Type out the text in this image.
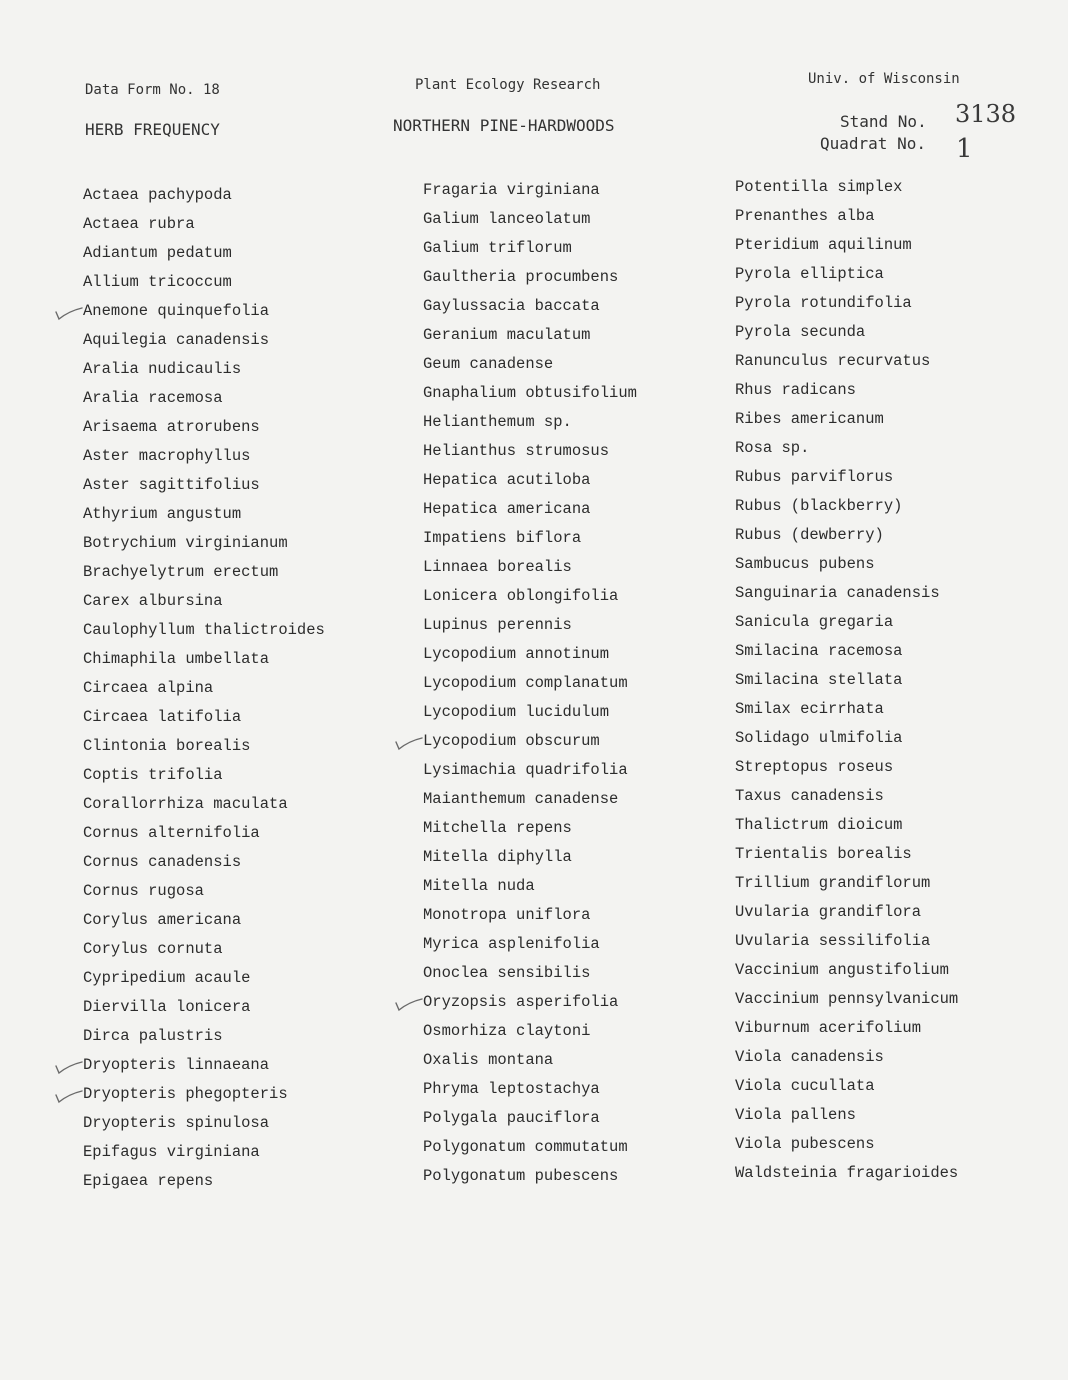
Data Form No. 18	Plant Ecology Research	Univ. of Wisconsin
HERB FREQUENCY	NORTHERN PINE-HARDWOODS	Stand No. 3138
Quadrat No. 1
Actaea pachypoda
Actaea rubra
Adiantum pedatum
Allium tricoccum
Anemone quinquefolia
Aquilegia canadensis
Aralia nudicaulis
Aralia racemosa
Arisaema atrorubens
Aster macrophyllus
Aster sagittifolius
Athyrium angustum
Botrychium virginianum
Brachyelytrum erectum
Carex albursina
Caulophyllum thalictroides
Chimaphila umbellata
Circaea alpina
Circaea latifolia
Clintonia borealis
Coptis trifolia
Corallorrhiza maculata
Cornus alternifolia
Cornus canadensis
Cornus rugosa
Corylus americana
Corylus cornuta
Cypripedium acaule
Diervilla lonicera
Dirca palustris
Dryopteris linnaeana
Dryopteris phegopteris
Dryopteris spinulosa
Epifagus virginiana
Epigaea repens
Fragaria virginiana
Galium lanceolatum
Galium triflorum
Gaultheria procumbens
Gaylussacia baccata
Geranium maculatum
Geum canadense
Gnaphalium obtusifolium
Helianthemum sp.
Helianthus strumosus
Hepatica acutiloba
Hepatica americana
Impatiens biflora
Linnaea borealis
Lonicera oblongifolia
Lupinus perennis
Lycopodium annotinum
Lycopodium complanatum
Lycopodium lucidulum
Lycopodium obscurum
Lysimachia quadrifolia
Maianthemum canadense
Mitchella repens
Mitella diphylla
Mitella nuda
Monotropa uniflora
Myrica asplenifolia
Onoclea sensibilis
Oryzopsis asperifolia
Osmorhiza claytoni
Oxalis montana
Phryma leptostachya
Polygala pauciflora
Polygonatum commutatum
Polygonatum pubescens
Potentilla simplex
Prenanthes alba
Pteridium aquilinum
Pyrola elliptica
Pyrola rotundifolia
Pyrola secunda
Ranunculus recurvatus
Rhus radicans
Ribes americanum
Rosa sp.
Rubus parviflorus
Rubus (blackberry)
Rubus (dewberry)
Sambucus pubens
Sanguinaria canadensis
Sanicula gregaria
Smilacina racemosa
Smilacina stellata
Smilax ecirrhata
Solidago ulmifolia
Streptopus roseus
Taxus canadensis
Thalictrum dioicum
Trientalis borealis
Trillium grandiflorum
Uvularia grandiflora
Uvularia sessilifolia
Vaccinium angustifolium
Vaccinium pennsylvanicum
Viburnum acerifolium
Viola canadensis
Viola cucullata
Viola pallens
Viola pubescens
Waldsteinia fragarioides
